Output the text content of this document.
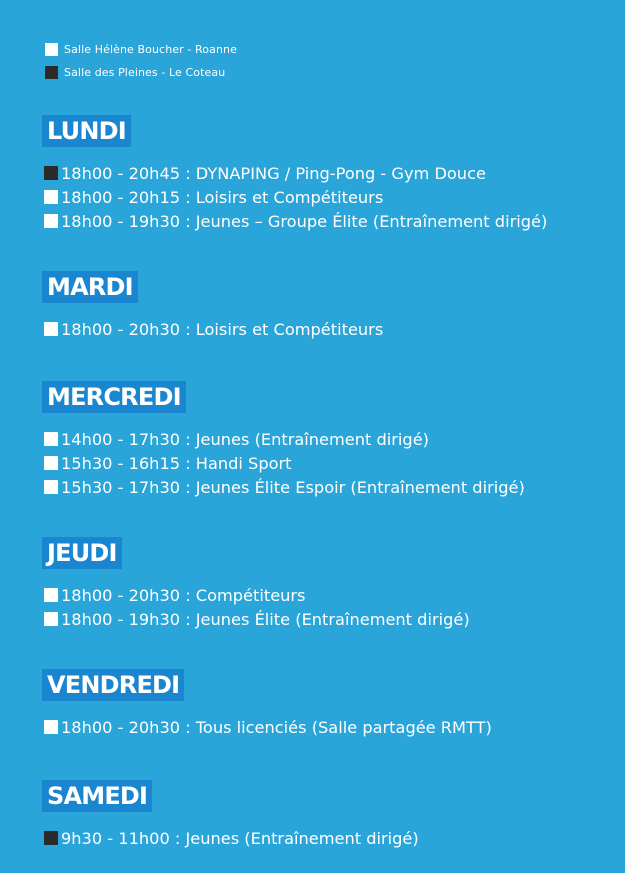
Salle Hélène Boucher - Roanne
Salle des Pleines - Le Coteau
LUNDI
18h00 - 20h45 : DYNAPING / Ping-Pong - Gym Douce
18h00 - 20h15 : Loisirs et Compétiteurs
18h00 - 19h30 : Jeunes – Groupe Élite (Entraînement dirigé)
MARDI
18h00 - 20h30 : Loisirs et Compétiteurs
MERCREDI
14h00 - 17h30 : Jeunes (Entraînement dirigé)
15h30 - 16h15 : Handi Sport
15h30 - 17h30 : Jeunes Élite Espoir (Entraînement dirigé)
JEUDI
18h00 - 20h30 : Compétiteurs
18h00 - 19h30 : Jeunes Élite (Entraînement dirigé)
VENDREDI
18h00 - 20h30 : Tous licenciés (Salle partagée RMTT)
SAMEDI
9h30 - 11h00 : Jeunes (Entraînement dirigé)
